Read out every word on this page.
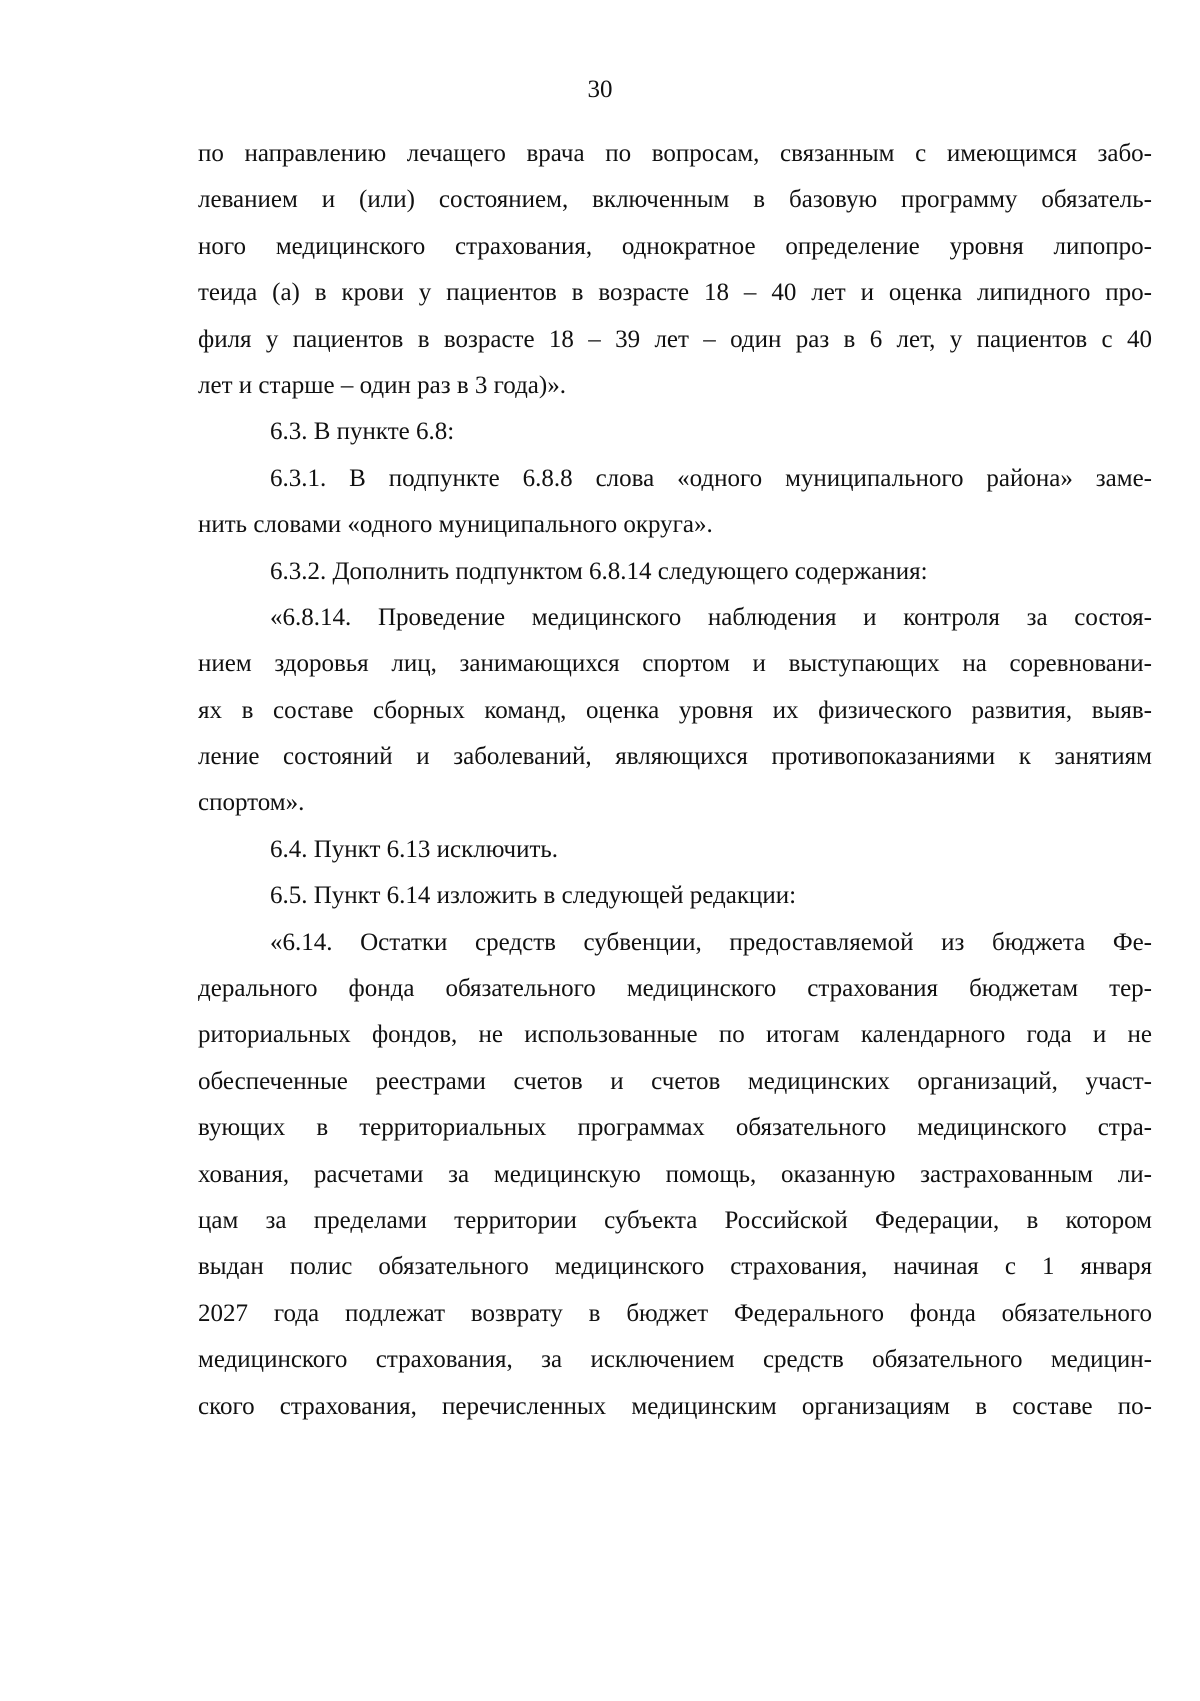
30
по направлению лечащего врача по вопросам, связанным с имеющимся забо-
леванием и (или) состоянием, включенным в базовую программу обязатель-
ного медицинского страхования, однократное определение уровня липопро-
теида (а) в крови у пациентов в возрасте 18 – 40 лет и оценка липидного про-
филя у пациентов в возрасте 18 – 39 лет – один раз в 6 лет, у пациентов с 40
лет и старше – один раз в 3 года)».
6.3. В пункте 6.8:
6.3.1. В подпункте 6.8.8 слова «одного муниципального района» заме-
нить словами «одного муниципального округа».
6.3.2. Дополнить подпунктом 6.8.14 следующего содержания:
«6.8.14. Проведение медицинского наблюдения и контроля за состоя-
нием здоровья лиц, занимающихся спортом и выступающих на соревновани-
ях в составе сборных команд, оценка уровня их физического развития, выяв-
ление состояний и заболеваний, являющихся противопоказаниями к занятиям
спортом».
6.4. Пункт 6.13 исключить.
6.5. Пункт 6.14 изложить в следующей редакции:
«6.14. Остатки средств субвенции, предоставляемой из бюджета Фе-
дерального фонда обязательного медицинского страхования бюджетам тер-
риториальных фондов, не использованные по итогам календарного года и не
обеспеченные реестрами счетов и счетов медицинских организаций, участ-
вующих в территориальных программах обязательного медицинского стра-
хования, расчетами за медицинскую помощь, оказанную застрахованным ли-
цам за пределами территории субъекта Российской Федерации, в котором
выдан полис обязательного медицинского страхования, начиная с 1 января
2027 года подлежат возврату в бюджет Федерального фонда обязательного
медицинского страхования, за исключением средств обязательного медицин-
ского страхования, перечисленных медицинским организациям в составе по-
